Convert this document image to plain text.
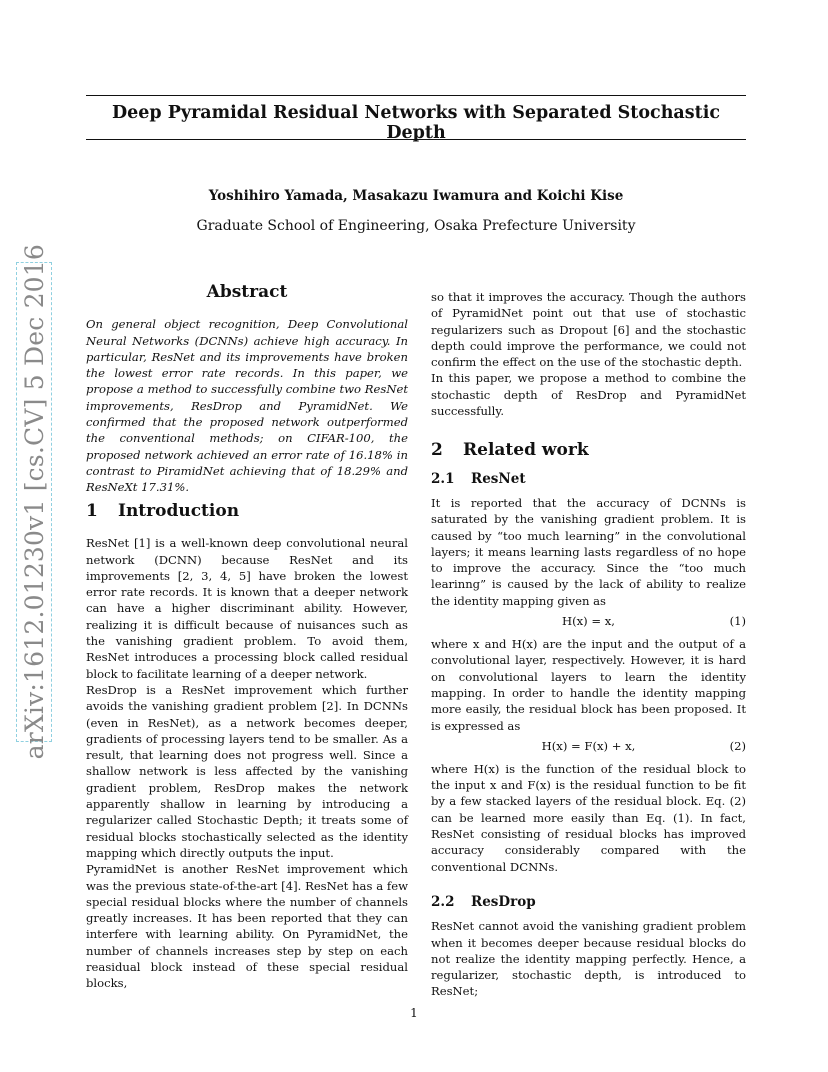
Deep Pyramidal Residual Networks with Separated Stochastic Depth
Yoshihiro Yamada, Masakazu Iwamura and Koichi Kise
Graduate School of Engineering, Osaka Prefecture University
arXiv:1612.01230v1 [cs.CV] 5 Dec 2016	Abstract

On general object recognition, Deep Convolutional Neural Networks (DCNNs) achieve high accuracy. In particular, ResNet and its improvements have broken the lowest error rate records. In this paper, we propose a method to successfully combine two ResNet improvements, ResDrop and PyramidNet. We confirmed that the proposed network outperformed the conventional methods; on CIFAR-100, the proposed network achieved an error rate of 16.18% in contrast to PiramidNet achieving that of 18.29% and ResNeXt 17.31%.

1 Introduction

ResNet [1] is a well-known deep convolutional neural network (DCNN) because ResNet and its improvements [2, 3, 4, 5] have broken the lowest error rate records. It is known that a deeper network can have a higher discriminant ability. However, realizing it is difficult because of nuisances such as the vanishing gradient problem. To avoid them, ResNet introduces a processing block called residual block to facilitate learning of a deeper network.

ResDrop is a ResNet improvement which further avoids the vanishing gradient problem [2]. In DCNNs (even in ResNet), as a network becomes deeper, gradients of processing layers tend to be smaller. As a result, that learning does not progress well. Since a shallow network is less affected by the vanishing gradient problem, ResDrop makes the network apparently shallow in learning by introducing a regularizer called Stochastic Depth; it treats some of residual blocks stochastically selected as the identity mapping which directly outputs the input.

PyramidNet is another ResNet improvement which was the previous state-of-the-art [4]. ResNet has a few special residual blocks where the number of channels greatly increases. It has been reported that they can interfere with learning ability. On PyramidNet, the number of channels increases step by step on each reasidual block instead of these special residual blocks,

so that it improves the accuracy. Though the authors of PyramidNet point out that use of stochastic regularizers such as Dropout [6] and the stochastic depth could improve the performance, we could not confirm the effect on the use of the stochastic depth.

In this paper, we propose a method to combine the stochastic depth of ResDrop and PyramidNet successfully.

2 Related work

2.1 ResNet

It is reported that the accuracy of DCNNs is saturated by the vanishing gradient problem. It is caused by “too much learning” in the convolutional layers; it means learning lasts regardless of no hope to improve the accuracy. Since the “too much learinng” is caused by the lack of ability to realize the identity mapping given as

H(x) = x,	(1)

where x and H(x) are the input and the output of a convolutional layer, respectively. However, it is hard on convolutional layers to learn the identity mapping. In order to handle the identity mapping more easily, the residual block has been proposed. It is expressed as

H(x) = F(x) + x,	(2)

where H(x) is the function of the residual block to the input x and F(x) is the residual function to be fit by a few stacked layers of the residual block. Eq. (2) can be learned more easily than Eq. (1). In fact, ResNet consisting of residual blocks has improved accuracy considerably compared with the conventional DCNNs.

2.2 ResDrop

ResNet cannot avoid the vanishing gradient problem when it becomes deeper because residual blocks do not realize the identity mapping perfectly. Hence, a regularizer, stochastic depth, is introduced to ResNet;

1
